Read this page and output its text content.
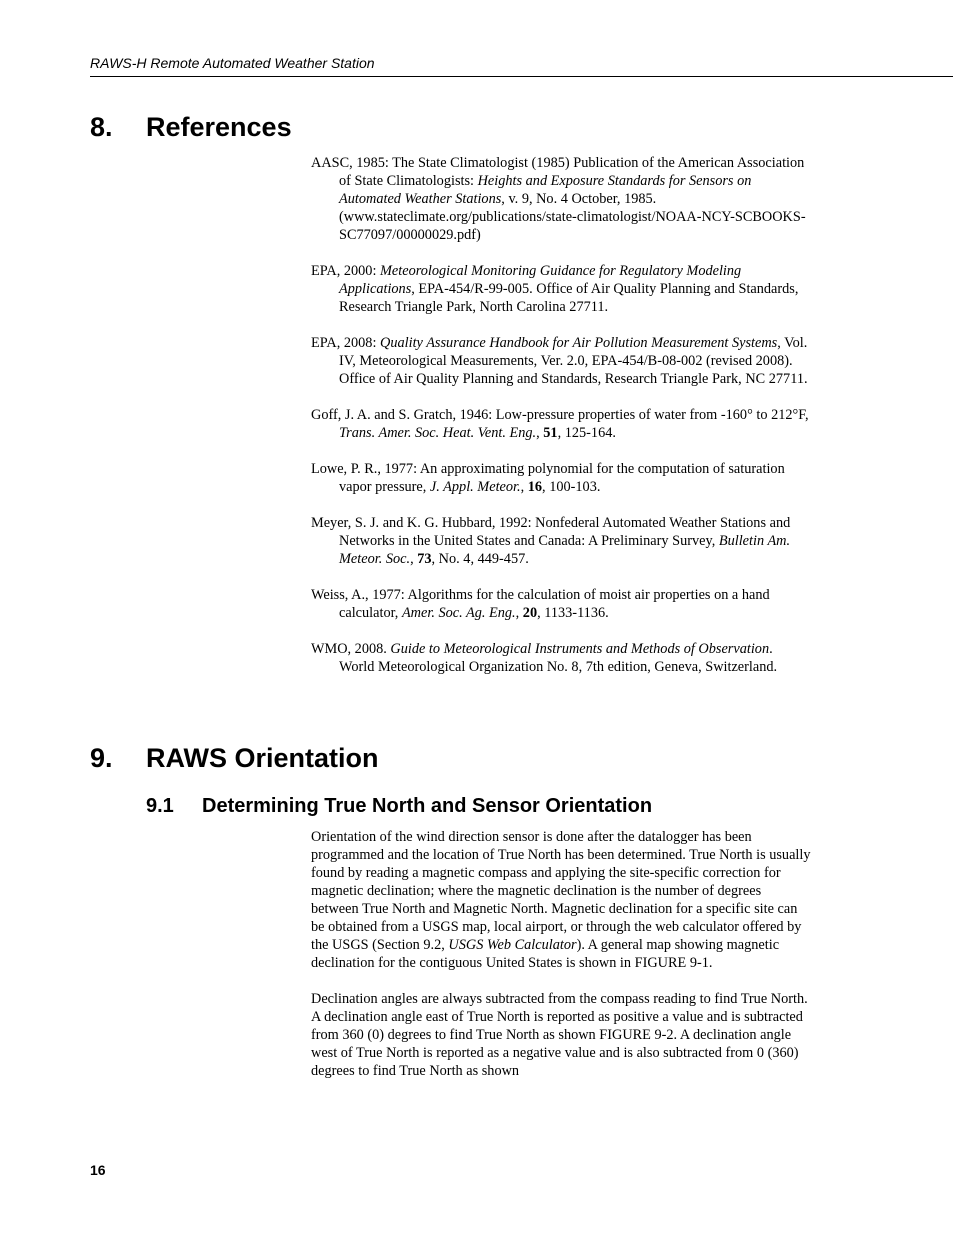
RAWS-H Remote Automated Weather Station
8. References

AASC, 1985: The State Climatologist (1985) Publication of the American Association of State Climatologists: Heights and Exposure Standards for Sensors on Automated Weather Stations, v. 9, No. 4 October, 1985. (www.stateclimate.org/publications/state-climatologist/NOAA-NCY-SCBOOKS-SC77097/00000029.pdf)

EPA, 2000: Meteorological Monitoring Guidance for Regulatory Modeling Applications, EPA-454/R-99-005. Office of Air Quality Planning and Standards, Research Triangle Park, North Carolina 27711.

EPA, 2008: Quality Assurance Handbook for Air Pollution Measurement Systems, Vol. IV, Meteorological Measurements, Ver. 2.0, EPA-454/B-08-002 (revised 2008). Office of Air Quality Planning and Standards, Research Triangle Park, NC 27711.

Goff, J. A. and S. Gratch, 1946: Low-pressure properties of water from -160° to 212°F, Trans. Amer. Soc. Heat. Vent. Eng., 51, 125-164.

Lowe, P. R., 1977: An approximating polynomial for the computation of saturation vapor pressure, J. Appl. Meteor., 16, 100-103.

Meyer, S. J. and K. G. Hubbard, 1992: Nonfederal Automated Weather Stations and Networks in the United States and Canada: A Preliminary Survey, Bulletin Am. Meteor. Soc., 73, No. 4, 449-457.

Weiss, A., 1977: Algorithms for the calculation of moist air properties on a hand calculator, Amer. Soc. Ag. Eng., 20, 1133-1136.

WMO, 2008. Guide to Meteorological Instruments and Methods of Observation. World Meteorological Organization No. 8, 7th edition, Geneva, Switzerland.

9. RAWS Orientation
9.1 Determining True North and Sensor Orientation

Orientation of the wind direction sensor is done after the datalogger has been programmed and the location of True North has been determined. True North is usually found by reading a magnetic compass and applying the site-specific correction for magnetic declination; where the magnetic declination is the number of degrees between True North and Magnetic North. Magnetic declination for a specific site can be obtained from a USGS map, local airport, or through the web calculator offered by the USGS (Section 9.2, USGS Web Calculator). A general map showing magnetic declination for the contiguous United States is shown in FIGURE 9-1.

Declination angles are always subtracted from the compass reading to find True North. A declination angle east of True North is reported as positive a value and is subtracted from 360 (0) degrees to find True North as shown FIGURE 9-2. A declination angle west of True North is reported as a negative value and is also subtracted from 0 (360) degrees to find True North as shown

16
